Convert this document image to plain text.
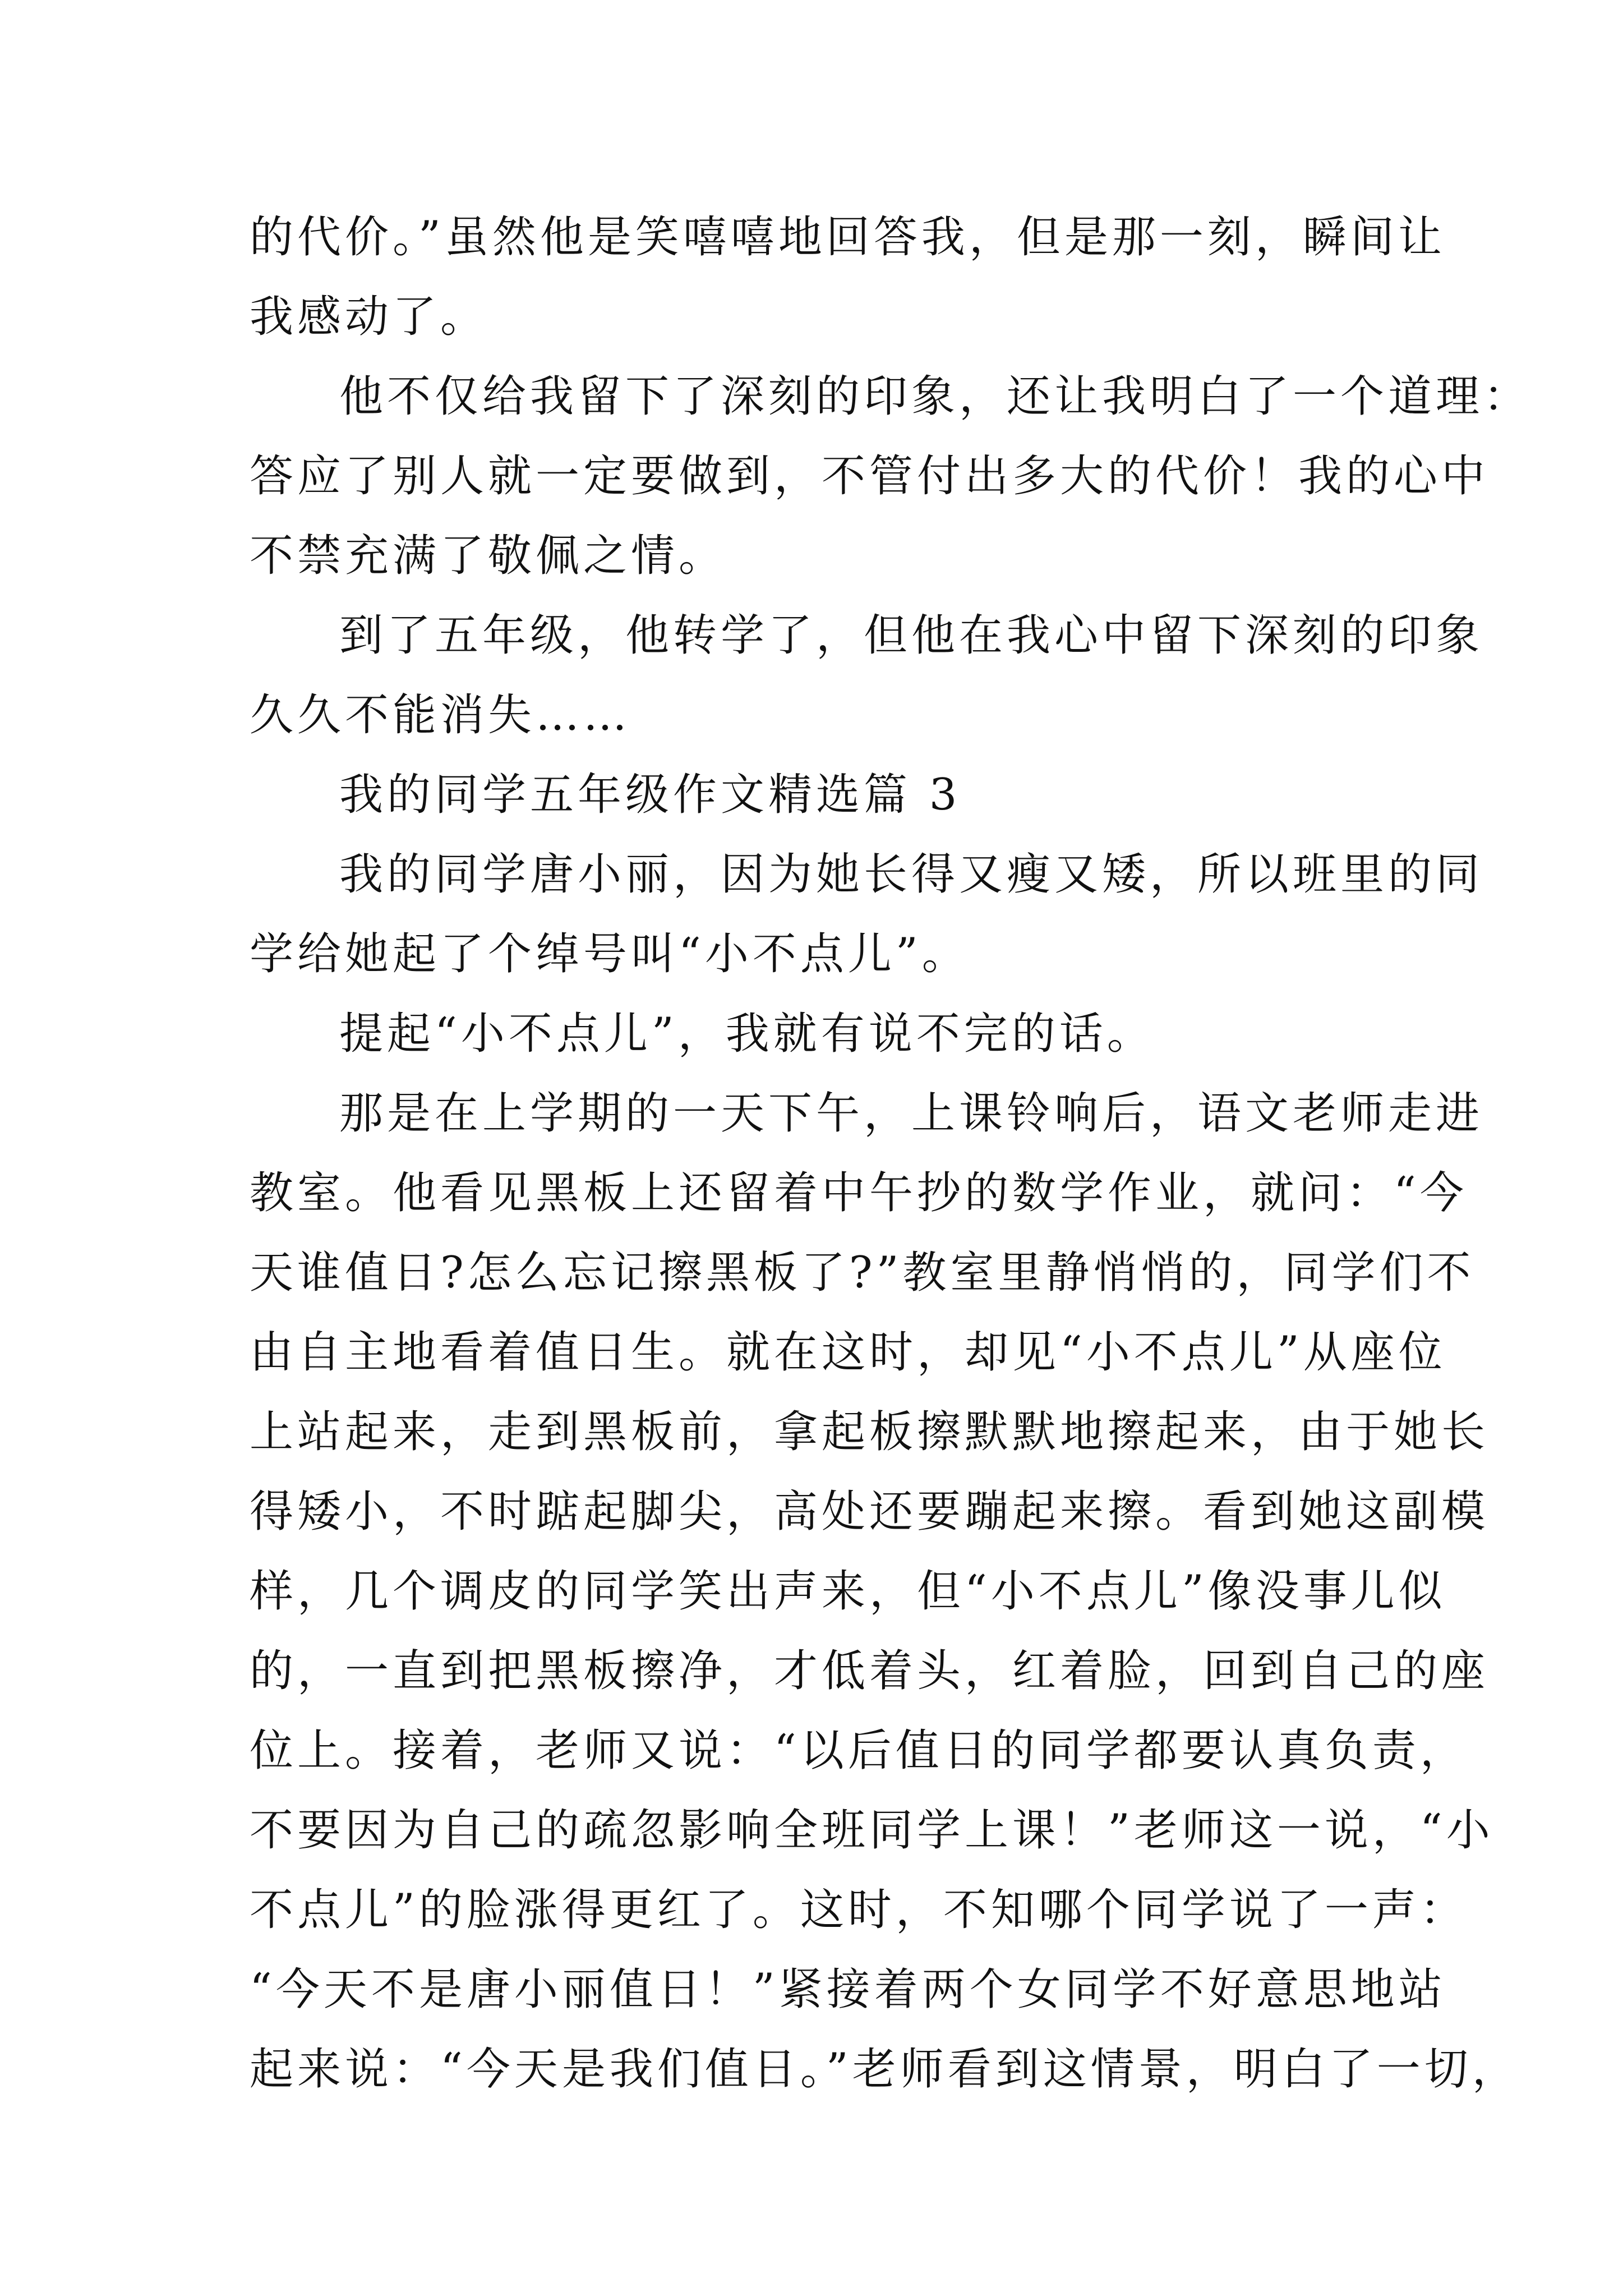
的代价。”虽然他是笑嘻嘻地回答我，但是那一刻，瞬间让
我感动了。
他不仅给我留下了深刻的印象，还让我明白了一个道理：
答应了别人就一定要做到，不管付出多大的代价！我的心中
不禁充满了敬佩之情。
到了五年级，他转学了，但他在我心中留下深刻的印象
久久不能消失……
我的同学五年级作文精选篇 3
我的同学唐小丽，因为她长得又瘦又矮，所以班里的同
学给她起了个绰号叫“小不点儿”。
提起“小不点儿”，我就有说不完的话。
那是在上学期的一天下午，上课铃响后，语文老师走进
教室。他看见黑板上还留着中午抄的数学作业，就问：“今
天谁值日?怎么忘记擦黑板了?”教室里静悄悄的，同学们不
由自主地看着值日生。就在这时，却见“小不点儿”从座位
上站起来，走到黑板前，拿起板擦默默地擦起来，由于她长
得矮小，不时踮起脚尖，高处还要蹦起来擦。看到她这副模
样，几个调皮的同学笑出声来，但“小不点儿”像没事儿似
的，一直到把黑板擦净，才低着头，红着脸，回到自己的座
位上。接着，老师又说：“以后值日的同学都要认真负责，
不要因为自己的疏忽影响全班同学上课！”老师这一说，“小
不点儿”的脸涨得更红了。这时，不知哪个同学说了一声：
“今天不是唐小丽值日！”紧接着两个女同学不好意思地站
起来说：“今天是我们值日。”老师看到这情景，明白了一切，
